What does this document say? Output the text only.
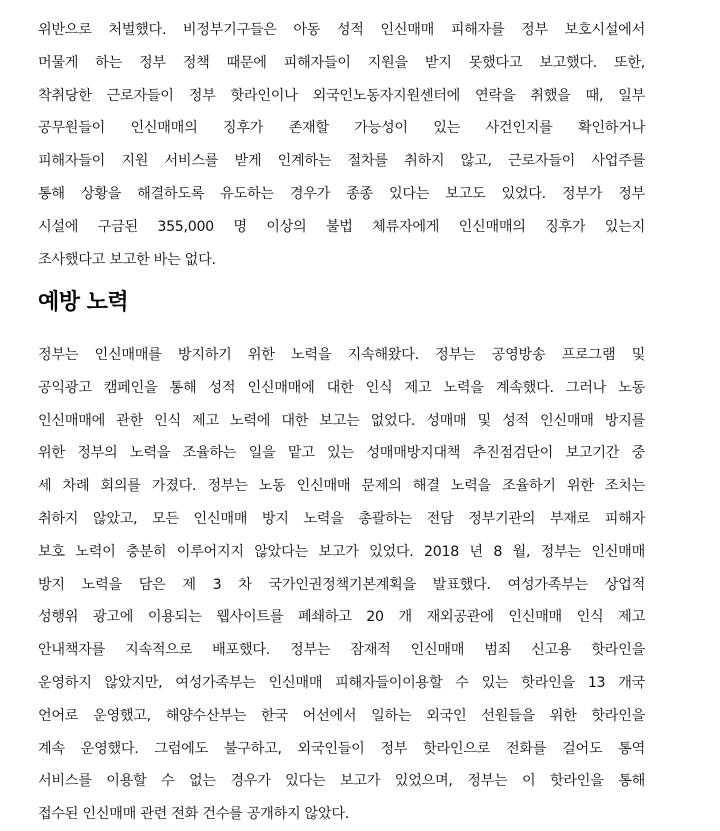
위반으로 처벌했다. 비정부기구들은 아동 성적 인신매매 피해자를 정부 보호시설에서
머물게 하는 정부 정책 때문에 피해자들이 지원을 받지 못했다고 보고했다. 또한,
착취당한 근로자들이 정부 핫라인이나 외국인노동자지원센터에 연락을 취했을 때, 일부
공무원들이 인신매매의 징후가 존재할 가능성이 있는 사건인지를 확인하거나
피해자들이 지원 서비스를 받게 인계하는 절차를 취하지 않고, 근로자들이 사업주를
통해 상황을 해결하도록 유도하는 경우가 종종 있다는 보고도 있었다. 정부가 정부
시설에 구금된 355,000 명 이상의 불법 체류자에게 인신매매의 징후가 있는지
조사했다고 보고한 바는 없다.
예방 노력
정부는 인신매매를 방지하기 위한 노력을 지속해왔다. 정부는 공영방송 프로그램 및
공익광고 캠페인을 통해 성적 인신매매에 대한 인식 제고 노력을 계속했다. 그러나 노동
인신매매에 관한 인식 제고 노력에 대한 보고는 없었다. 성매매 및 성적 인신매매 방지를
위한 정부의 노력을 조율하는 일을 맡고 있는 성매매방지대책 추진점검단이 보고기간 중
세 차례 회의를 가졌다. 정부는 노동 인신매매 문제의 해결 노력을 조율하기 위한 조치는
취하지 않았고, 모든 인신매매 방지 노력을 총괄하는 전담 정부기관의 부재로 피해자
보호 노력이 충분히 이루어지지 않았다는 보고가 있었다. 2018 년 8 월, 정부는 인신매매
방지 노력을 담은 제 3 차 국가인권정책기본계획을 발표했다. 여성가족부는 상업적
성행위 광고에 이용되는 웹사이트를 폐쇄하고 20 개 재외공관에 인신매매 인식 제고
안내책자를 지속적으로 배포했다. 정부는 잠재적 인신매매 범죄 신고용 핫라인을
운영하지 않았지만, 여성가족부는 인신매매 피해자들이이용할 수 있는 핫라인을 13 개국
언어로 운영했고, 해양수산부는 한국 어선에서 일하는 외국인 선원들을 위한 핫라인을
계속 운영했다. 그럼에도 불구하고, 외국인들이 정부 핫라인으로 전화를 걸어도 통역
서비스를 이용할 수 없는 경우가 있다는 보고가 있었으며, 정부는 이 핫라인을 통해
접수된 인신매매 관련 전화 건수를 공개하지 않았다.
